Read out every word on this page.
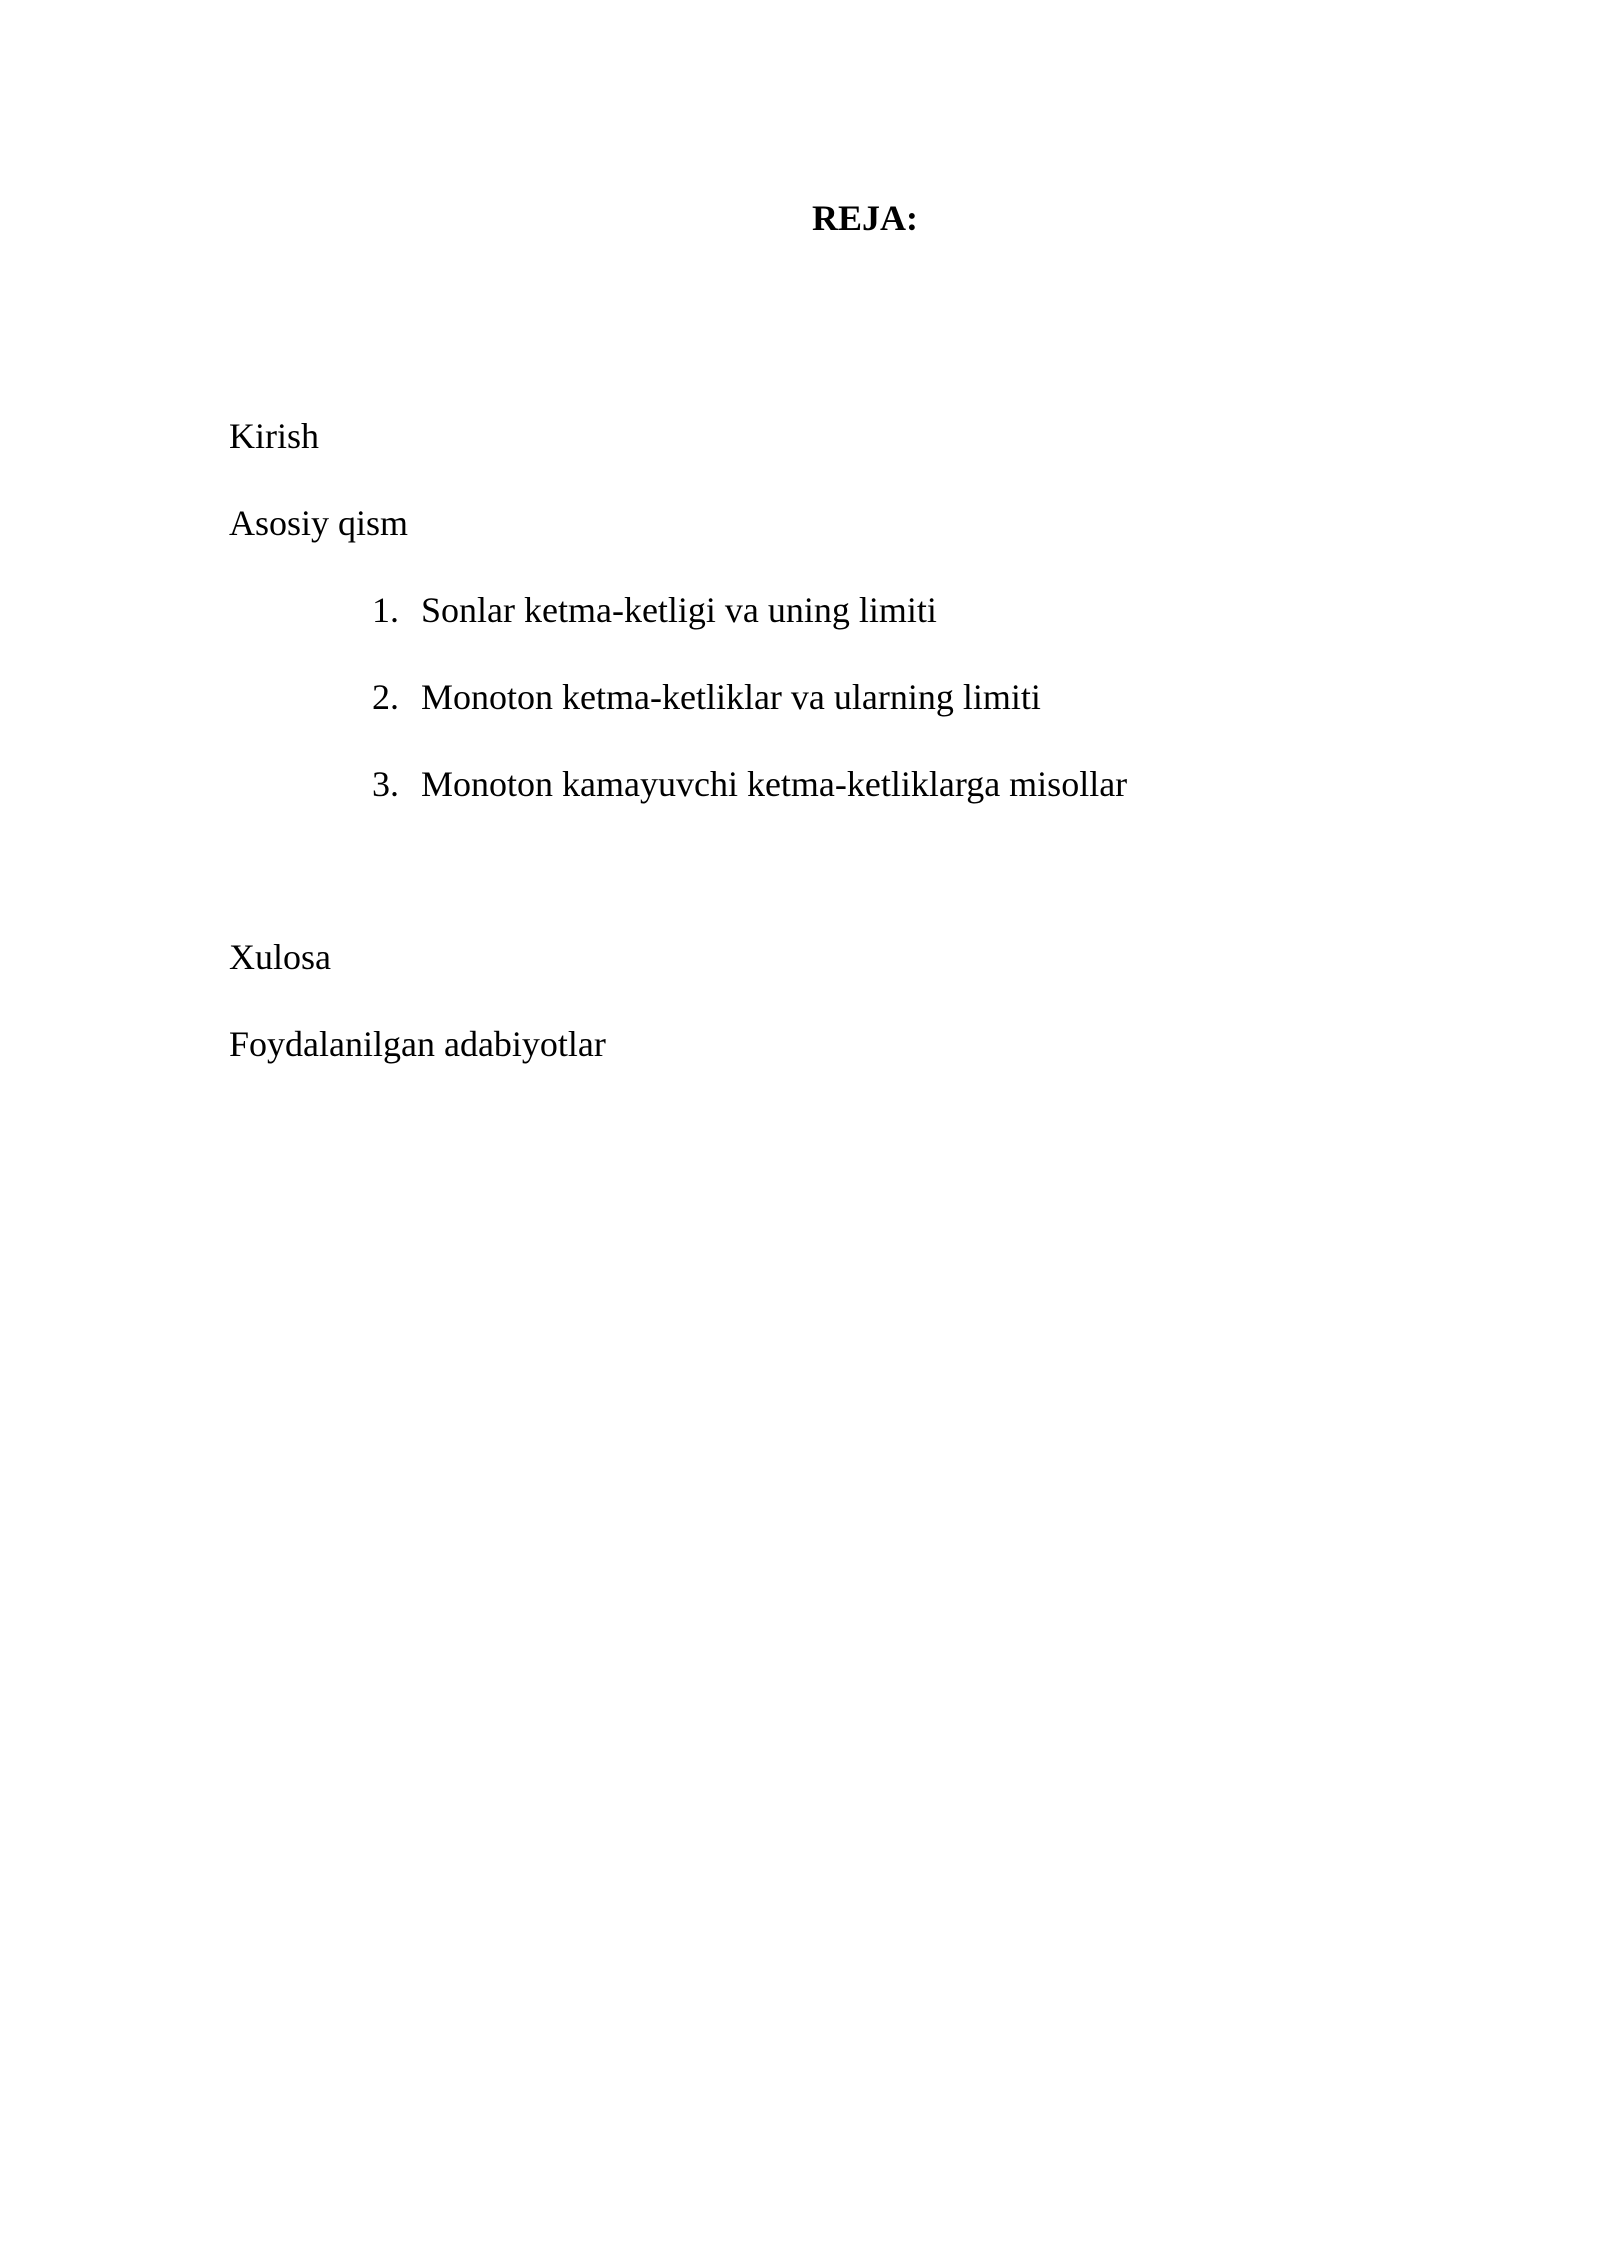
REJA:

Kirish

Asosiy qism

1. Sonlar ketma-ketligi va uning limiti

2. Monoton ketma-ketliklar va ularning limiti

3. Monoton kamayuvchi ketma-ketliklarga misollar

Xulosa

Foydalanilgan adabiyotlar
